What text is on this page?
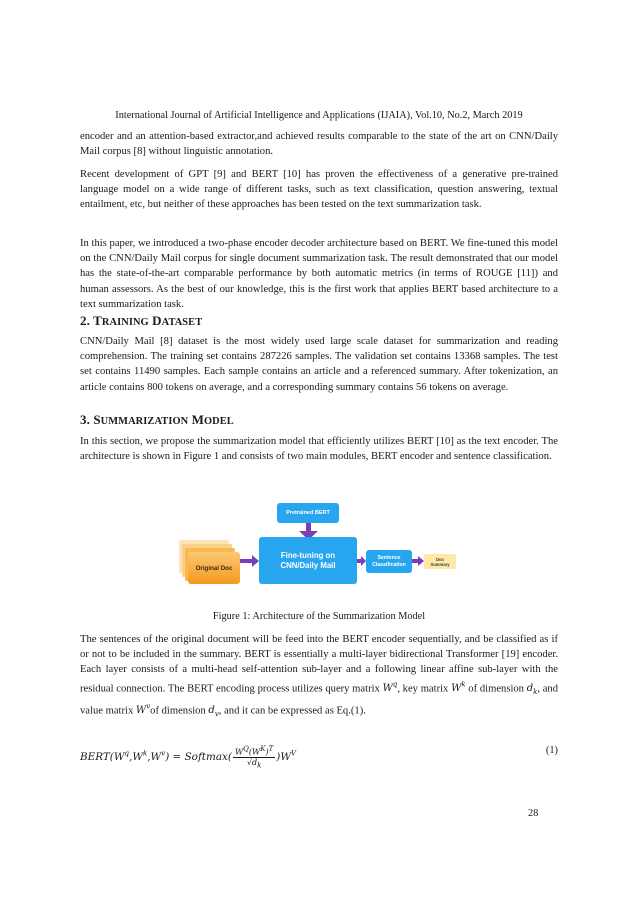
International Journal of Artificial Intelligence and Applications (IJAIA), Vol.10, No.2, March 2019

encoder and an attention-based extractor,and achieved results comparable to the state of the art on CNN/Daily Mail corpus [8] without linguistic annotation.

Recent development of GPT [9] and BERT [10] has proven the effectiveness of a generative pre-trained language model on a wide range of different tasks, such as text classification, question answering, textual entailment, etc, but neither of these approaches has been tested on the text summarization task.

In this paper, we introduced a two-phase encoder decoder architecture based on BERT. We fine-tuned this model on the CNN/Daily Mail corpus for single document summarization task. The result demonstrated that our model has the state-of-the-art comparable performance by both automatic metrics (in terms of ROUGE [11]) and human assessors. As the best of our knowledge, this is the first work that applies BERT based architecture to a text summarization task.

2. TRAINING DATASET

CNN/Daily Mail [8] dataset is the most widely used large scale dataset for summarization and reading comprehension. The training set contains 287226 samples. The validation set contains 13368 samples. The test set contains 11490 samples. Each sample contains an article and a referenced summary. After tokenization, an article contains 800 tokens on average, and a corresponding summary contains 56 tokens on average.

3. SUMMARIZATION MODEL

In this section, we propose the summarization model that efficiently utilizes BERT [10] as the text encoder. The architecture is shown in Figure 1 and consists of two main modules, BERT encoder and sentence classification.

Pretrained BERT
Original Doc
Fine-tuning on
CNN/Daily Mail
Sentence
Classification
Doc
Summary
Figure 1: Architecture of the Summarization Model

The sentences of the original document will be feed into the BERT encoder sequentially, and be classified as if or not to be included in the summary. BERT is essentially a multi-layer bidirectional Transformer [19] encoder. Each layer consists of a multi-head self-attention sub-layer and a following linear affine sub-layer with the residual connection. The BERT encoding process utilizes query matrix $W^q$, key matrix $W^k$ of dimension $d_k$, and value matrix $W^vof$ dimension $d_v$, and it can be expressed as Eq.(1).

$BERT(W^q,W^k,W^v)$ = Softmax( $\frac{W^Q(W^K)^T}{√d_k} )W^V$	(1)
28
